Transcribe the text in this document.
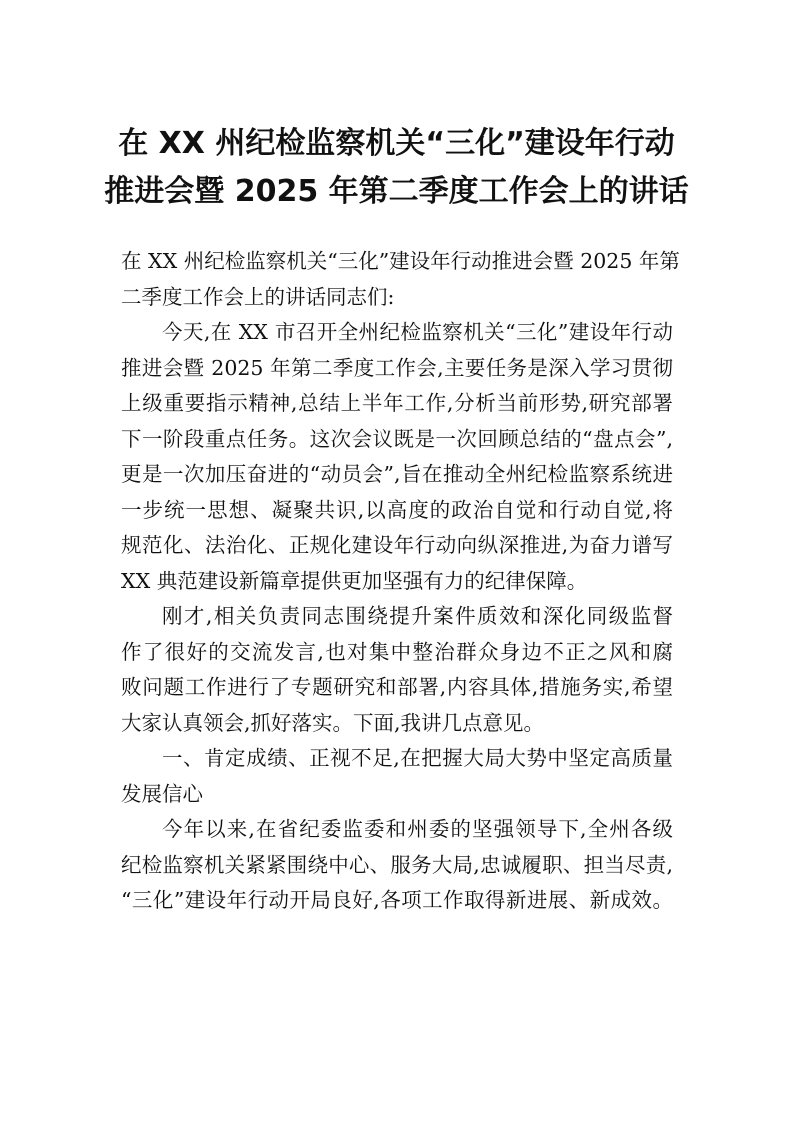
在 XX 州纪检监察机关“三化”建设年行动
推进会暨 2025 年第二季度工作会上的讲话
在 XX 州纪检监察机关“三化”建设年行动推进会暨 2025 年第
二季度工作会上的讲话同志们:
今天,在 XX 市召开全州纪检监察机关“三化”建设年行动
推进会暨 2025 年第二季度工作会,主要任务是深入学习贯彻
上级重要指示精神,总结上半年工作,分析当前形势,研究部署
下一阶段重点任务。这次会议既是一次回顾总结的“盘点会”,
更是一次加压奋进的“动员会”,旨在推动全州纪检监察系统进
一步统一思想、凝聚共识,以高度的政治自觉和行动自觉,将
规范化、法治化、正规化建设年行动向纵深推进,为奋力谱写
XX 典范建设新篇章提供更加坚强有力的纪律保障。
刚才,相关负责同志围绕提升案件质效和深化同级监督
作了很好的交流发言,也对集中整治群众身边不正之风和腐
败问题工作进行了专题研究和部署,内容具体,措施务实,希望
大家认真领会,抓好落实。下面,我讲几点意见。
一、肯定成绩、正视不足,在把握大局大势中坚定高质量
发展信心
今年以来,在省纪委监委和州委的坚强领导下,全州各级
纪检监察机关紧紧围绕中心、服务大局,忠诚履职、担当尽责,
“三化”建设年行动开局良好,各项工作取得新进展、新成效。
